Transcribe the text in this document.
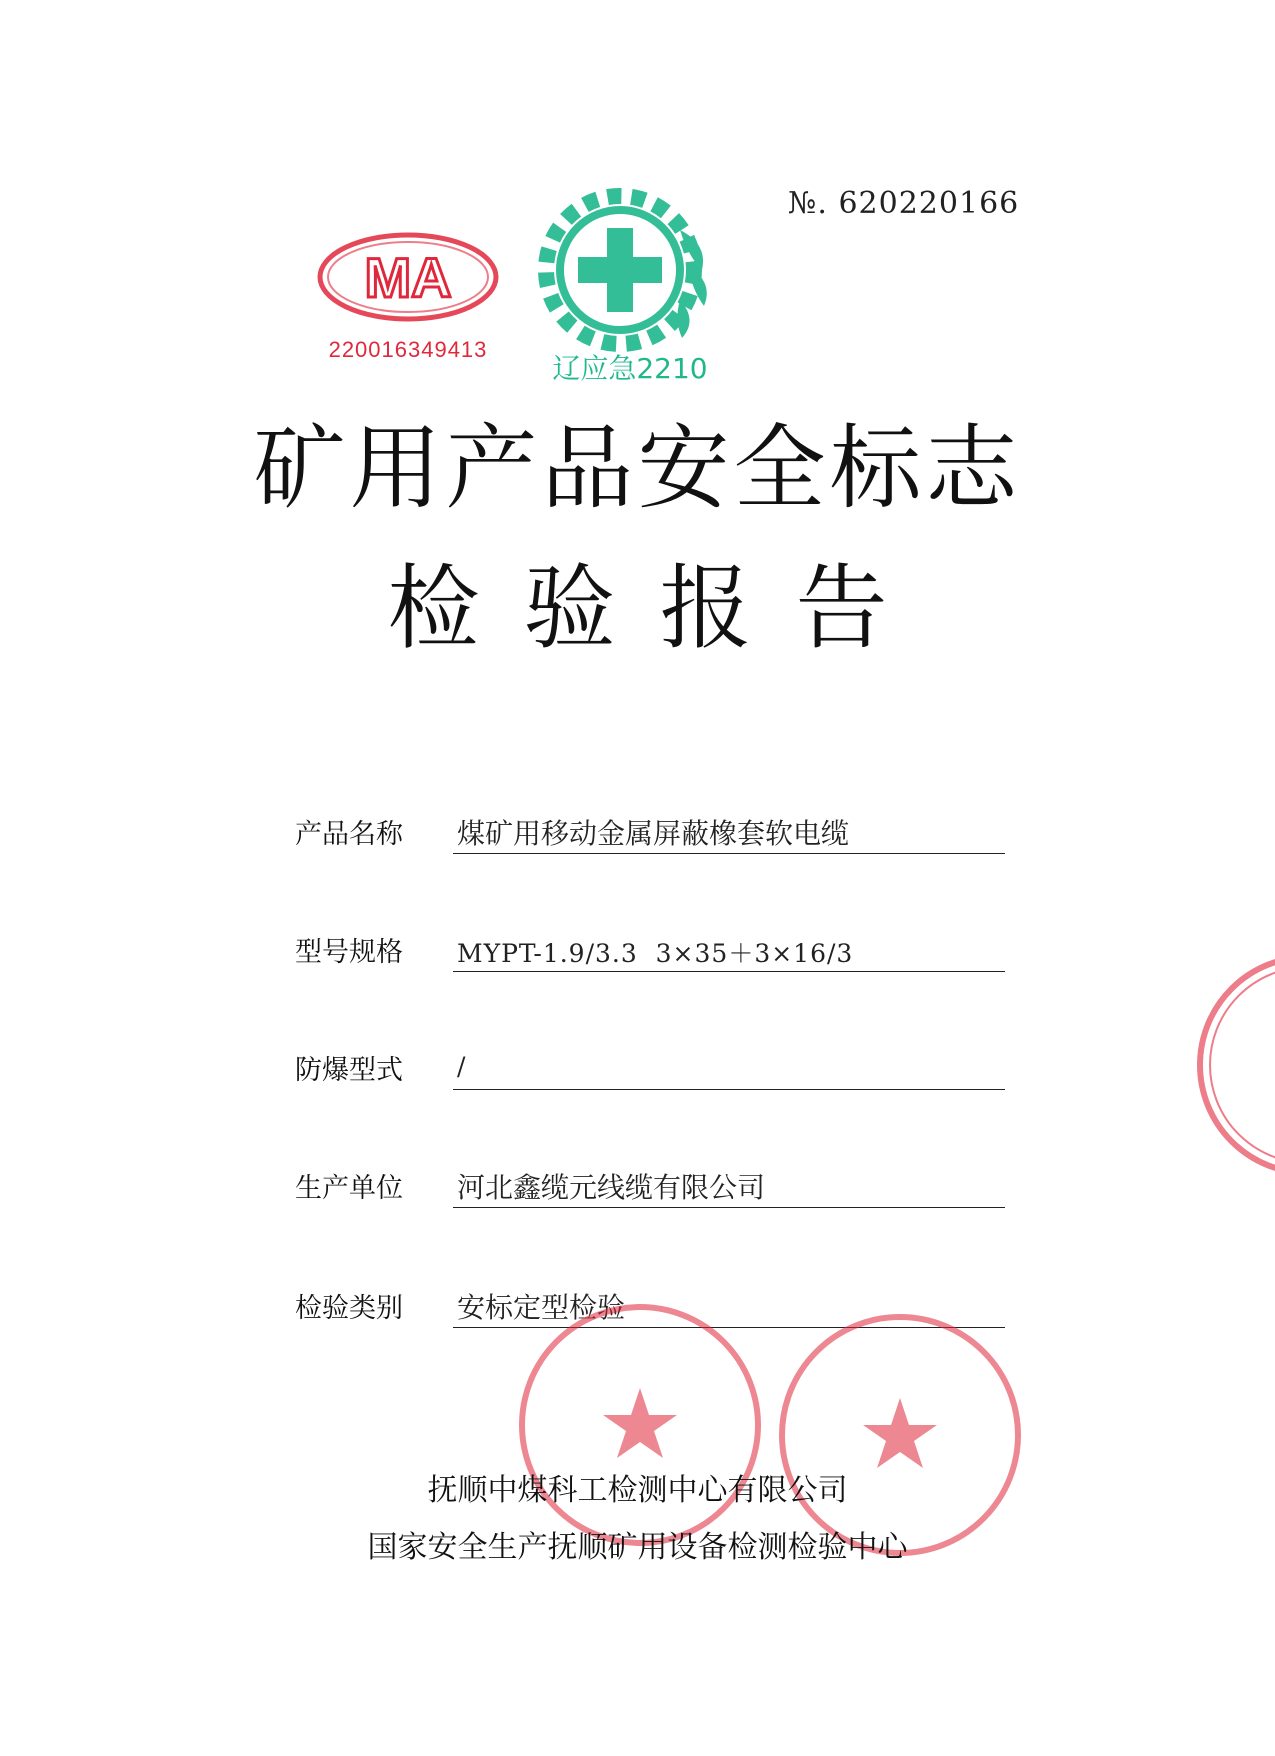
№. 620220166
MA
220016349413
辽应急2210
矿用产品安全标志
检验报告
产品名称	煤矿用移动金属屏蔽橡套软电缆
型号规格	MYPT-1.9/3.3  3×35＋3×16/3
防爆型式	/
生产单位	河北鑫缆元线缆有限公司
检验类别	安标定型检验
抚顺中煤科工检测中心有限公司
国家安全生产抚顺矿用设备检测检验中心
